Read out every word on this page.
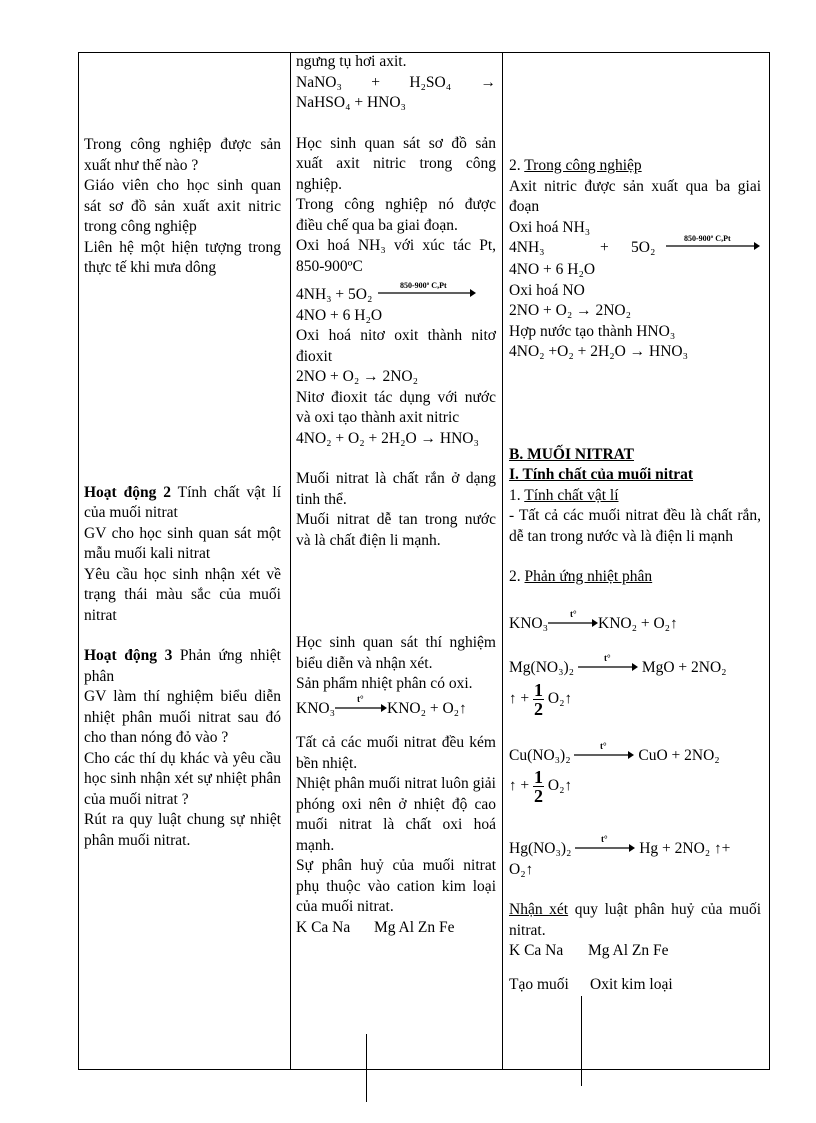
Trong công nghiệp được sản xuất như thế nào ?

Giáo viên cho học sinh quan sát sơ đồ sản xuất axit nitric trong công nghiệp

Liên hệ một hiện tượng trong thực tế khi mưa dông

Hoạt động 2 Tính chất vật lí của muối nitrat

GV cho học sinh quan sát một mẫu muối kali nitrat

Yêu cầu học sinh nhận xét về trạng thái màu sắc của muối nitrat

Hoạt động 3 Phản ứng nhiệt phân

GV làm thí nghiệm biểu diễn nhiệt phân muối nitrat sau đó cho than nóng đỏ vào ?

Cho các thí dụ khác và yêu cầu học sinh nhận xét sự nhiệt phân của muối nitrat ?

Rút ra quy luật chung sự nhiệt phân muối nitrat.

ngưng tụ hơi axit.

NaNO₃ + H₂SO₄ →

NaHSO₄ + HNO₃

Học sinh quan sát sơ đồ sản xuất axit nitric trong công nghiệp.

Trong công nghiệp nó được điều chế qua ba giai đoạn.

Oxi hoá NH₃ với xúc tác Pt, 850-900ºC

4NH₃ + 5O₂
850-900º C,Pt

4NO + 6 H₂O

Oxi hoá nitơ oxit thành nitơ đioxit

2NO + O₂ → 2NO₂

Nitơ đioxit tác dụng với nước và oxi tạo thành axit nitric

4NO₂ + O₂ + 2H₂O → HNO₃

Muối nitrat là chất rắn ở dạng tinh thể.

Muối nitrat dễ tan trong nước và là chất điện li mạnh.

Học sinh quan sát thí nghiệm biểu diễn và nhận xét.

Sản phẩm nhiệt phân có oxi.

KNO₃
t°
KNO₂ + O₂↑

Tất cả các muối nitrat đều kém bền nhiệt.

Nhiệt phân muối nitrat luôn giải phóng oxi nên ở nhiệt độ cao muối nitrat là chất oxi hoá mạnh.

Sự phân huỷ của muối nitrat phụ thuộc vào cation kim loại của muối nitrat.

K Ca Na Mg Al Zn Fe

2. Trong công nghiệp

Axit nitric được sản xuất qua ba giai đoạn

Oxi hoá NH₃

4NH₃	+ 5O₂
850-900º C,Pt

4NO + 6 H₂O

Oxi hoá NO

2NO + O₂ → 2NO₂

Hợp nước tạo thành HNO₃

4NO₂ +O₂ + 2H₂O → HNO₃

B. MUỐI NITRAT

I. Tính chất của muối nitrat

1. Tính chất vật lí

- Tất cả các muối nitrat đều là chất rắn, dễ tan trong nước và là điện li mạnh

2. Phản ứng nhiệt phân

KNO₃
t°
KNO₂ + O₂↑

Mg(NO₃)₂
t°
MgO + 2NO₂

↑ + $\frac{1}{2}$ O₂↑

Cu(NO₃)₂
t°
CuO + 2NO₂

↑ + $\frac{1}{2}$ O₂↑

Hg(NO₃)₂
t°
Hg + 2NO₂ ↑+

O₂↑

Nhận xét quy luật phân huỷ của muối nitrat.

K Ca Na Mg Al Zn Fe
Tạo muối Oxit kim loại
